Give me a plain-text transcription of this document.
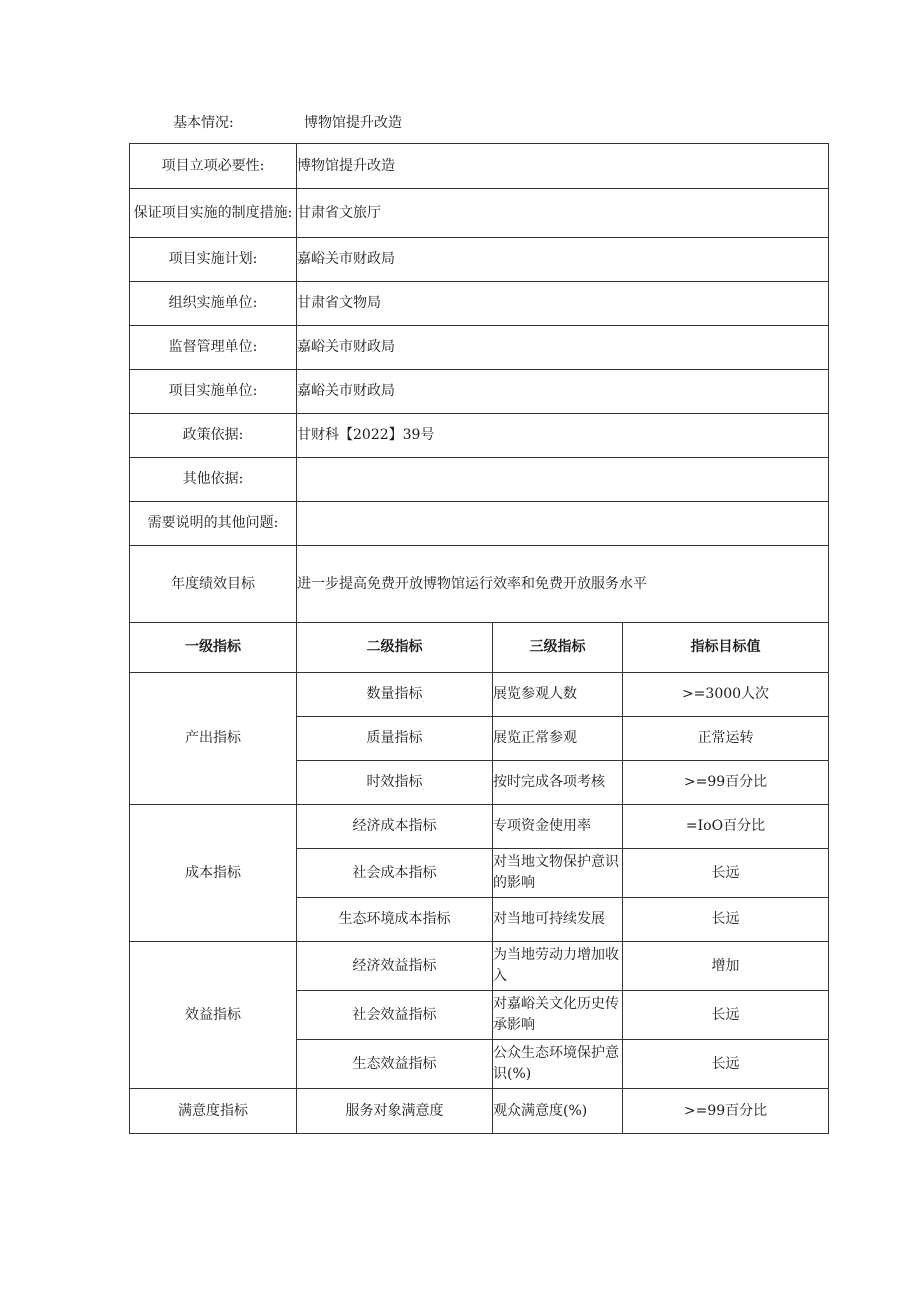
基本情况:	博物馆提升改造
项目立项必要性:	博物馆提升改造		
保证项目实施的制度措施:	甘肃省文旅厅		
项目实施计划:	嘉峪关市财政局		
组织实施单位:	甘肃省文物局		
监督管理单位:	嘉峪关市财政局		
项目实施单位:	嘉峪关市财政局		
政策依据:	甘财科【2022】39号		
其他依据:			
需要说明的其他问题:			
年度绩效目标	进一步提高免费开放博物馆运行效率和免费开放服务水平		
一级指标	二级指标	三级指标	指标目标值
产出指标	数量指标	展览参观人数	>=3000人次
	质量指标	展览正常参观	正常运转
	时效指标	按时完成各项考核	>=99百分比
成本指标	经济成本指标	专项资金使用率	=IoO百分比
	社会成本指标	对当地文物保护意识的影响	长远
	生态环境成本指标	对当地可持续发展	长远
效益指标	经济效益指标	为当地劳动力增加收入	增加
	社会效益指标	对嘉峪关文化历史传承影响	长远
	生态效益指标	公众生态环境保护意识(%)	长远
满意度指标	服务对象满意度	观众满意度(%)	>=99百分比
